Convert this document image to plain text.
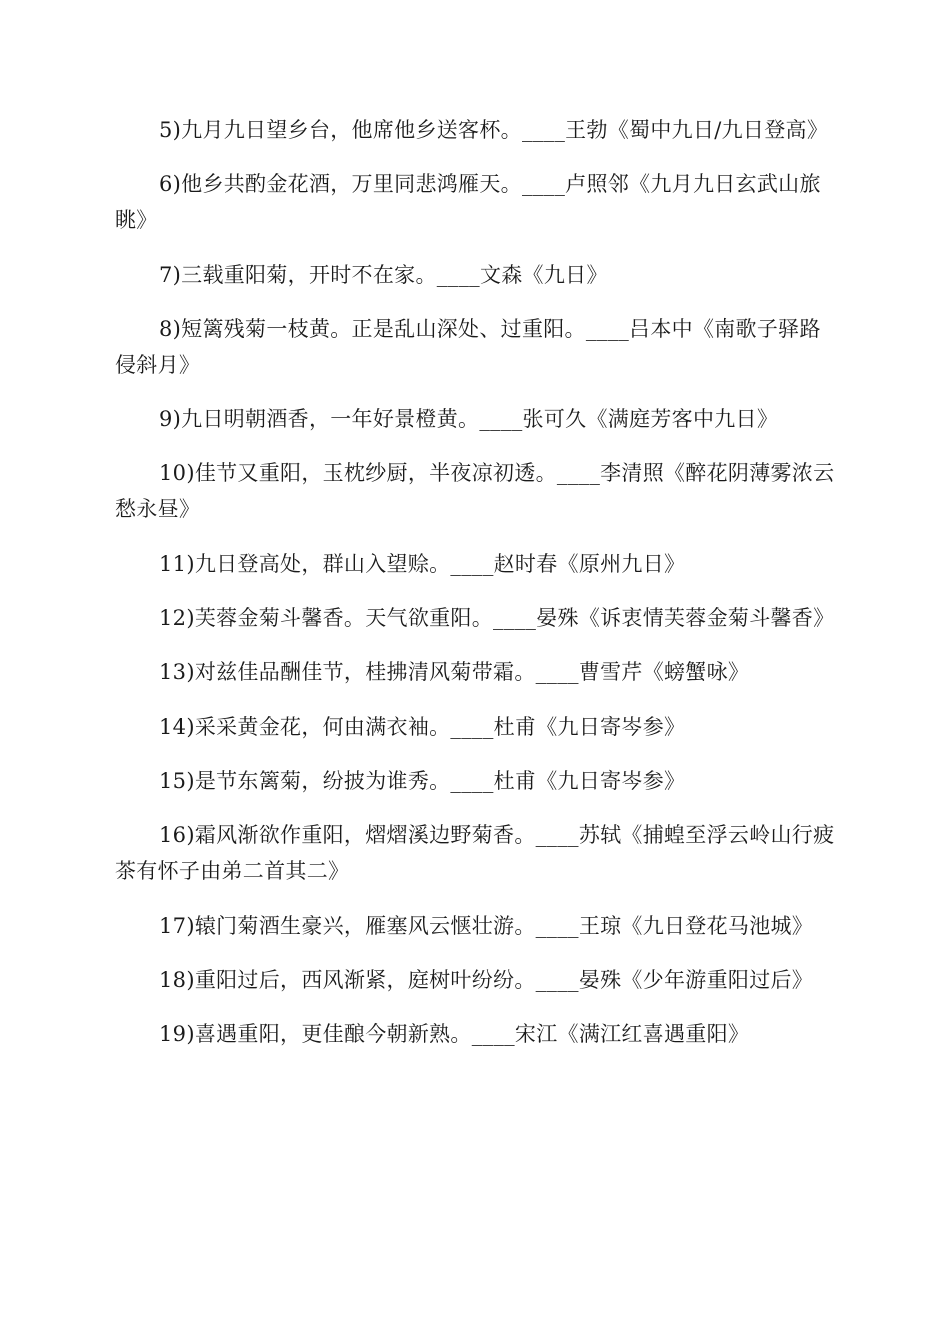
5)九月九日望乡台，他席他乡送客杯。____王勃《蜀中九日/九日登高》

6)他乡共酌金花酒，万里同悲鸿雁天。____卢照邻《九月九日玄武山旅眺》

7)三载重阳菊，开时不在家。____文森《九日》

8)短篱残菊一枝黄。正是乱山深处、过重阳。____吕本中《南歌子驿路侵斜月》

9)九日明朝酒香，一年好景橙黄。____张可久《满庭芳客中九日》

10)佳节又重阳，玉枕纱厨，半夜凉初透。____李清照《醉花阴薄雾浓云愁永昼》

11)九日登高处，群山入望赊。____赵时春《原州九日》

12)芙蓉金菊斗馨香。天气欲重阳。____晏殊《诉衷情芙蓉金菊斗馨香》

13)对兹佳品酬佳节，桂拂清风菊带霜。____曹雪芹《螃蟹咏》

14)采采黄金花，何由满衣袖。____杜甫《九日寄岑参》

15)是节东篱菊，纷披为谁秀。____杜甫《九日寄岑参》

16)霜风渐欲作重阳，熠熠溪边野菊香。____苏轼《捕蝗至浮云岭山行疲茶有怀子由弟二首其二》

17)辕门菊酒生豪兴，雁塞风云惬壮游。____王琼《九日登花马池城》

18)重阳过后，西风渐紧，庭树叶纷纷。____晏殊《少年游重阳过后》

19)喜遇重阳，更佳酿今朝新熟。____宋江《满江红喜遇重阳》
